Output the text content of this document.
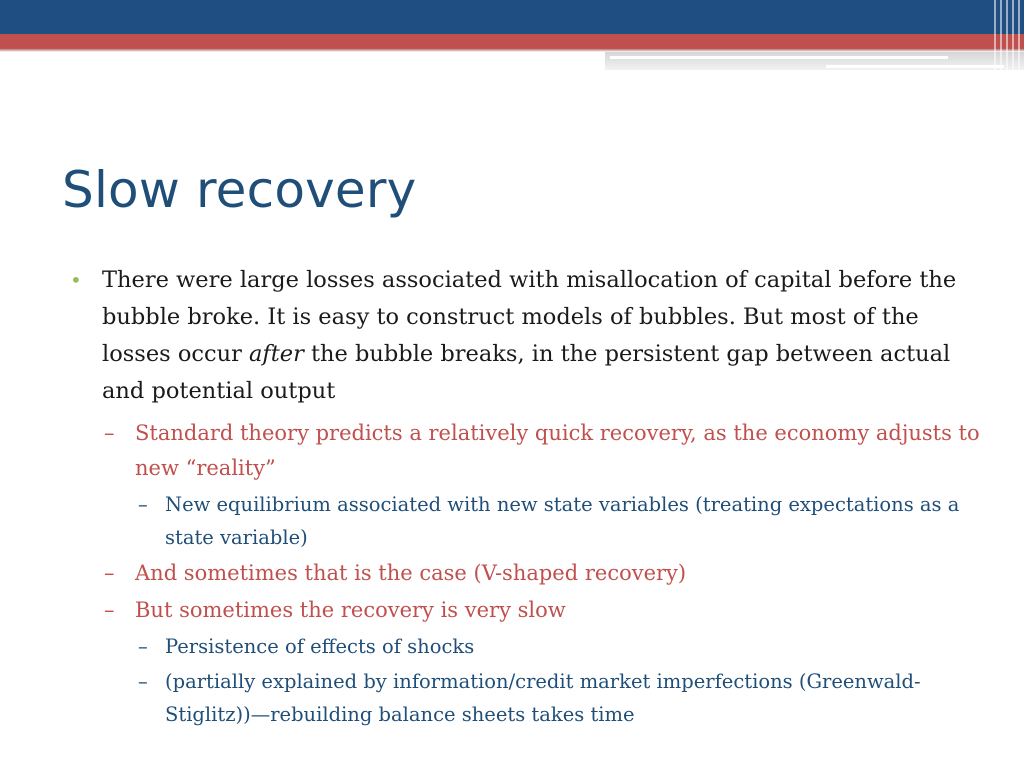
Slow recovery
• There were large losses associated with misallocation of capital before the bubble broke. It is easy to construct models of bubbles. But most of the losses occur after the bubble breaks, in the persistent gap between actual and potential output
– Standard theory predicts a relatively quick recovery, as the economy adjusts to new “reality”
– New equilibrium associated with new state variables (treating expectations as a state variable)
– And sometimes that is the case (V-shaped recovery)
– But sometimes the recovery is very slow
– Persistence of effects of shocks
– (partially explained by information/credit market imperfections (Greenwald-Stiglitz))—rebuilding balance sheets takes time
